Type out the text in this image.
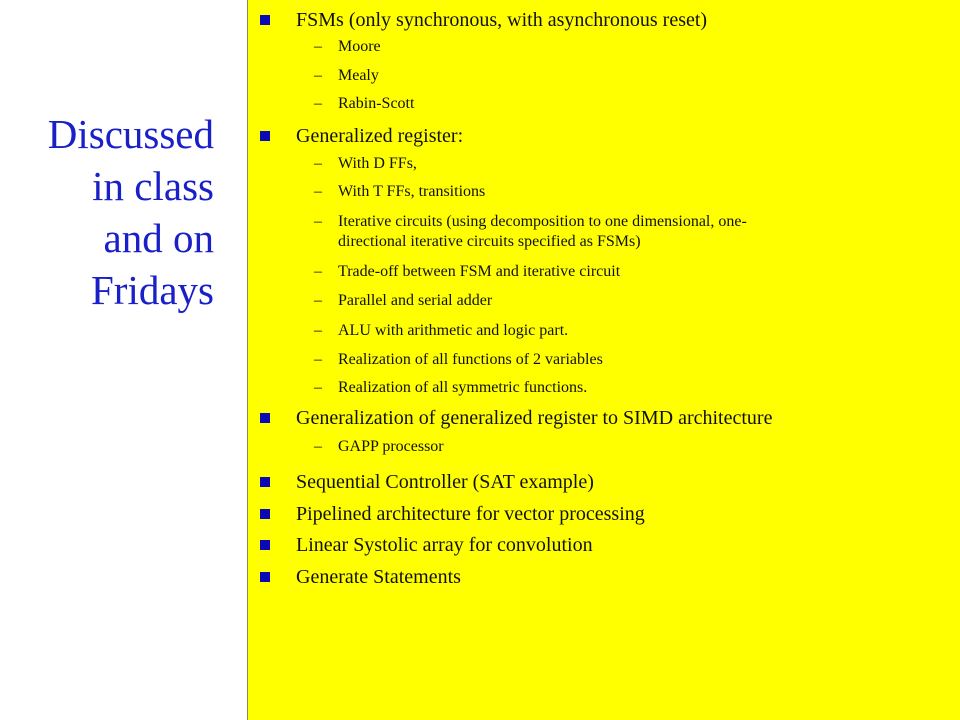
Discussed
in class
and on
Fridays
FSMs (only synchronous, with asynchronous reset)
– Moore
– Mealy
– Rabin-Scott
Generalized register:
– With D FFs,
– With T FFs, transitions
– Iterative circuits (using decomposition to one dimensional, one-
directional iterative circuits specified as FSMs)
– Trade-off between FSM and iterative circuit
– Parallel and serial adder
– ALU with arithmetic and logic part.
– Realization of all functions of 2 variables
– Realization of all symmetric functions.
Generalization of generalized register to SIMD architecture
– GAPP processor
Sequential Controller (SAT example)
Pipelined architecture for vector processing
Linear Systolic array for convolution
Generate Statements
